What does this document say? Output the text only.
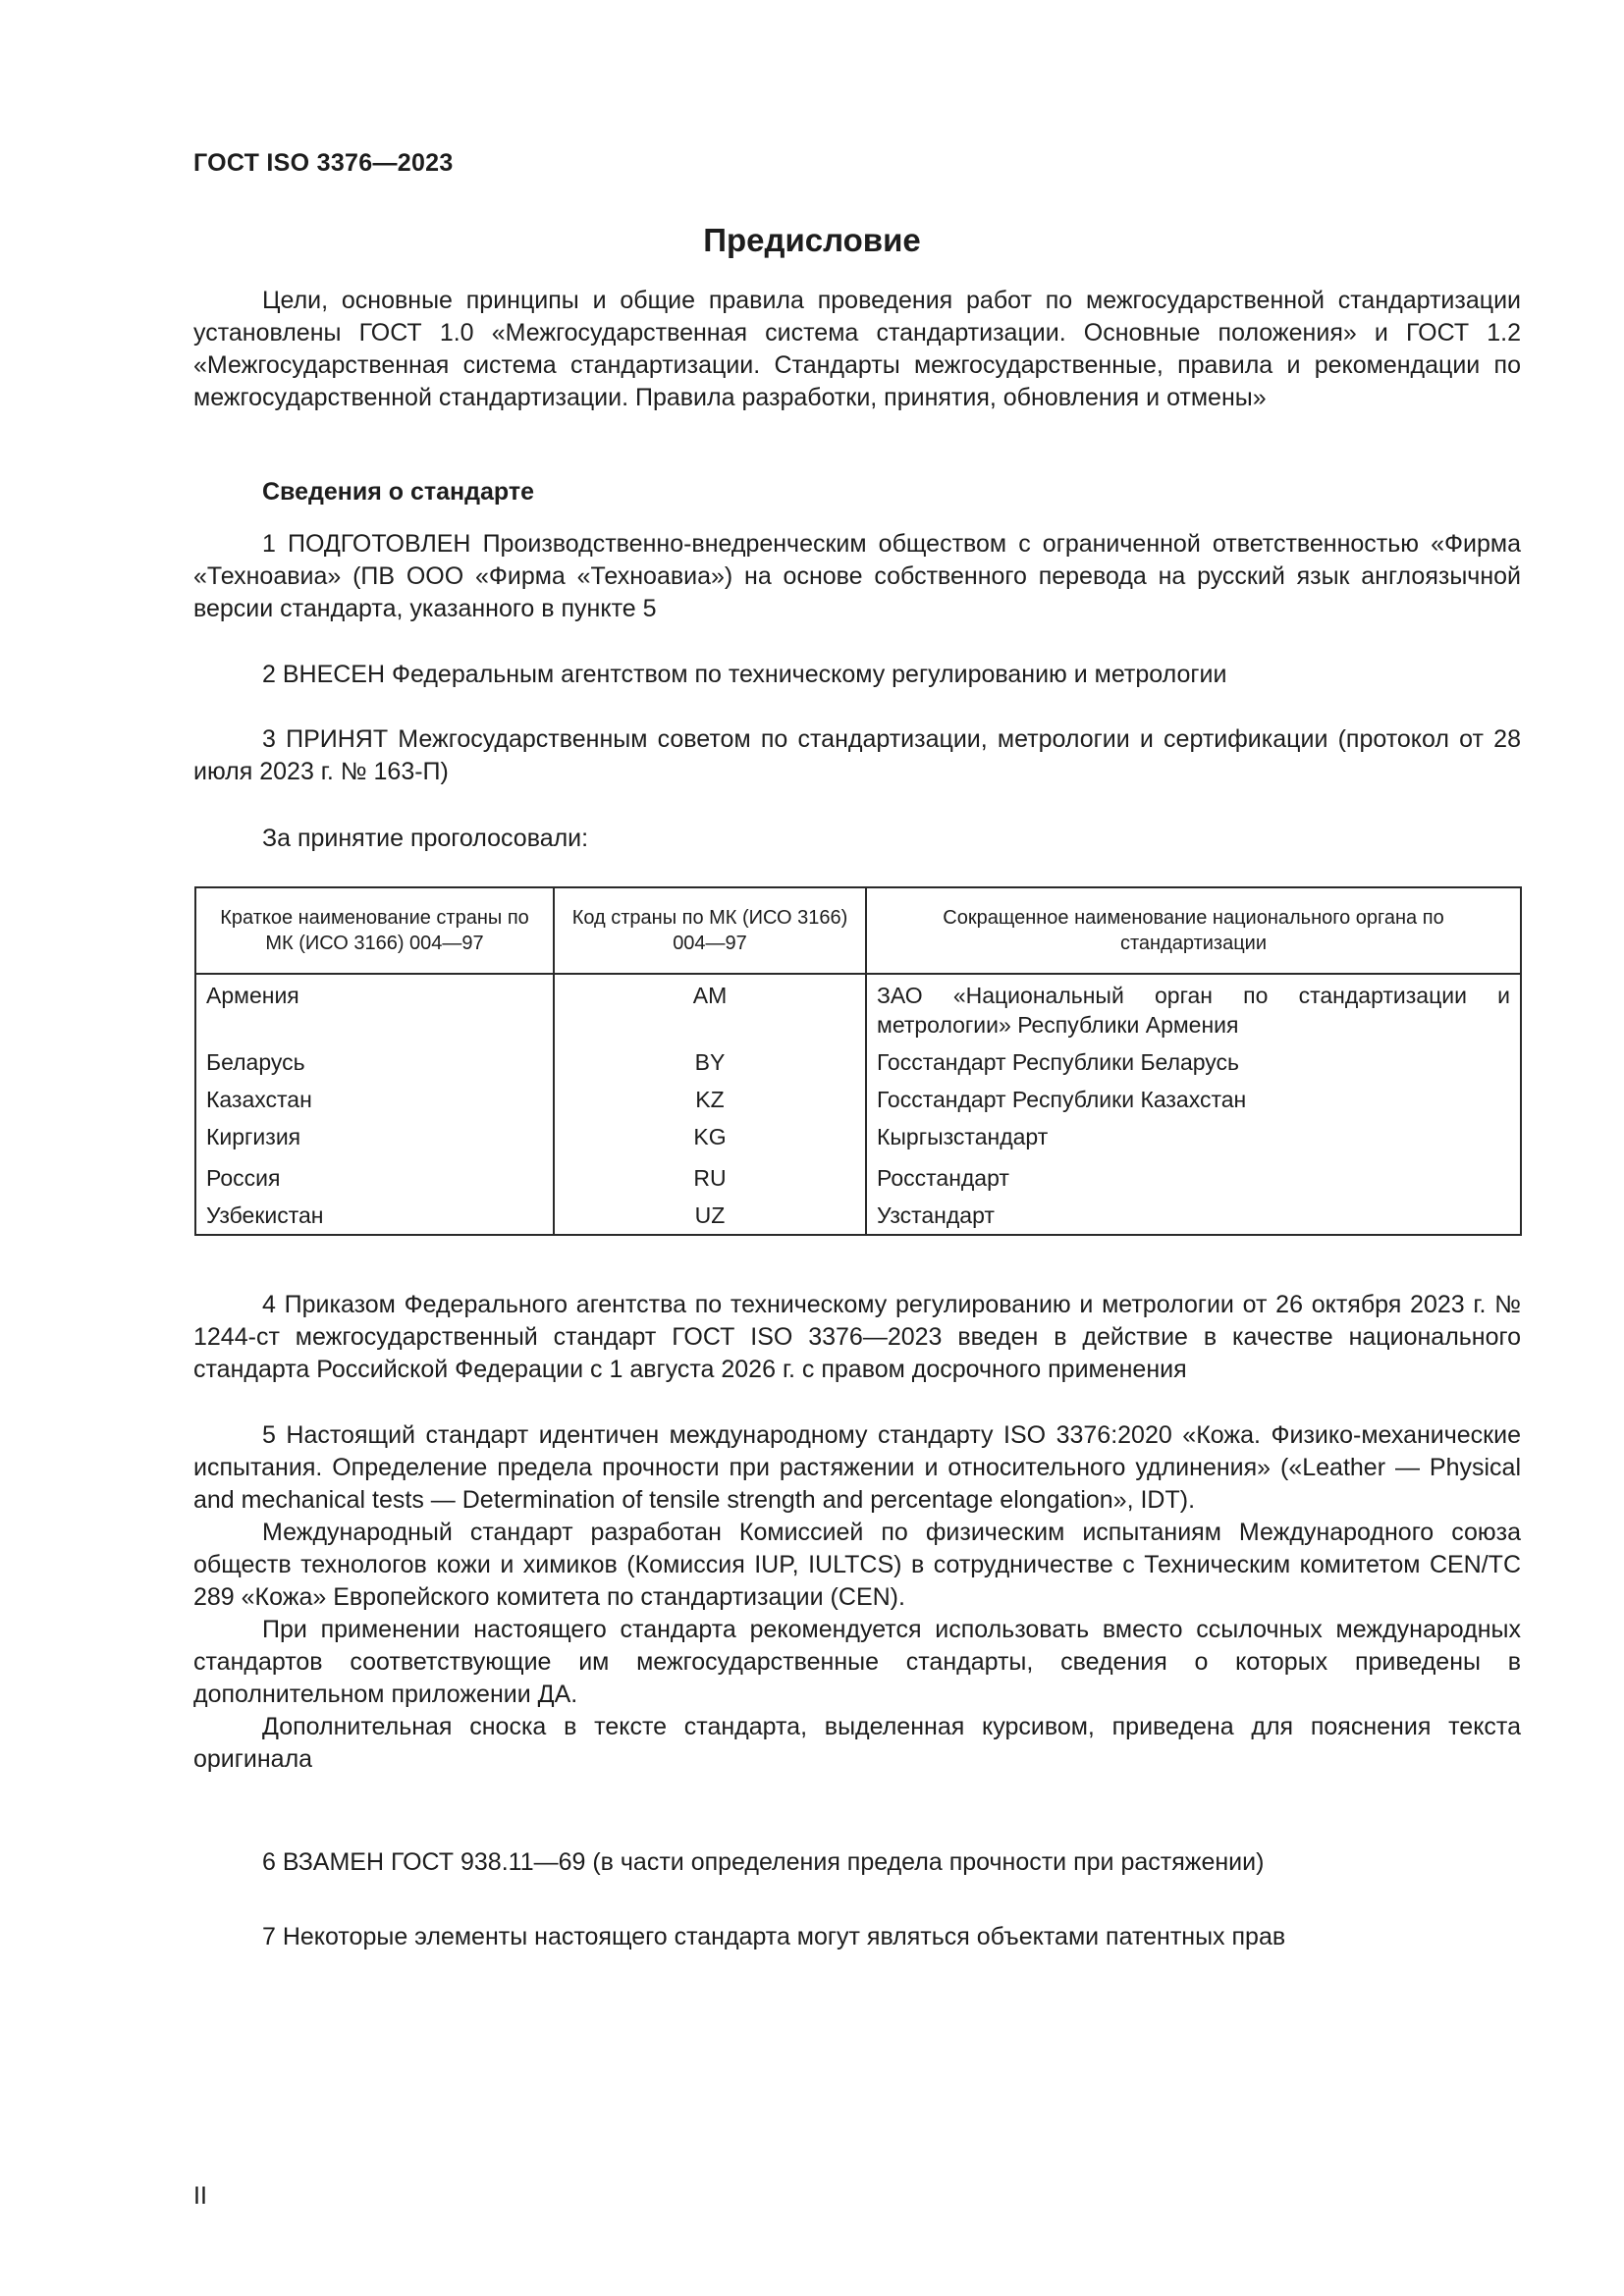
ГОСТ ISO 3376—2023
Предисловие

Цели, основные принципы и общие правила проведения работ по межгосударственной стандартизации установлены ГОСТ 1.0 «Межгосударственная система стандартизации. Основные положения» и ГОСТ 1.2 «Межгосударственная система стандартизации. Стандарты межгосударственные, правила и рекомендации по межгосударственной стандартизации. Правила разработки, принятия, обновления и отмены»

Сведения о стандарте

1 ПОДГОТОВЛЕН Производственно-внедренческим обществом с ограниченной ответственностью «Фирма «Техноавиа» (ПВ ООО «Фирма «Техноавиа») на основе собственного перевода на русский язык англоязычной версии стандарта, указанного в пункте 5

2 ВНЕСЕН Федеральным агентством по техническому регулированию и метрологии

3 ПРИНЯТ Межгосударственным советом по стандартизации, метрологии и сертификации (протокол от 28 июля 2023 г. № 163-П)

За принятие проголосовали:

Краткое наименование страны по МК (ИСО 3166) 004—97	Код страны по МК (ИСО 3166) 004—97	Сокращенное наименование национального органа по стандартизации
Армения	AM	ЗАО «Национальный орган по стандартизации и метрологии» Республики Армения
Беларусь	BY	Госстандарт Республики Беларусь
Казахстан	KZ	Госстандарт Республики Казахстан
Киргизия	KG	Кыргызстандарт
Россия	RU	Росстандарт
Узбекистан	UZ	Узстандарт

4 Приказом Федерального агентства по техническому регулированию и метрологии от 26 октября 2023 г. № 1244-ст межгосударственный стандарт ГОСТ ISO 3376—2023 введен в действие в качестве национального стандарта Российской Федерации с 1 августа 2026 г. с правом досрочного применения

5 Настоящий стандарт идентичен международному стандарту ISO 3376:2020 «Кожа. Физико-механические испытания. Определение предела прочности при растяжении и относительного удлинения» («Leather — Physical and mechanical tests — Determination of tensile strength and percentage elongation», IDT).

Международный стандарт разработан Комиссией по физическим испытаниям Международного союза обществ технологов кожи и химиков (Комиссия IUP, IULTCS) в сотрудничестве с Техническим комитетом CEN/TC 289 «Кожа» Европейского комитета по стандартизации (CEN).

При применении настоящего стандарта рекомендуется использовать вместо ссылочных международных стандартов соответствующие им межгосударственные стандарты, сведения о которых приведены в дополнительном приложении ДА.

Дополнительная сноска в тексте стандарта, выделенная курсивом, приведена для пояснения текста оригинала

6 ВЗАМЕН ГОСТ 938.11—69 (в части определения предела прочности при растяжении)

7 Некоторые элементы настоящего стандарта могут являться объектами патентных прав

II
